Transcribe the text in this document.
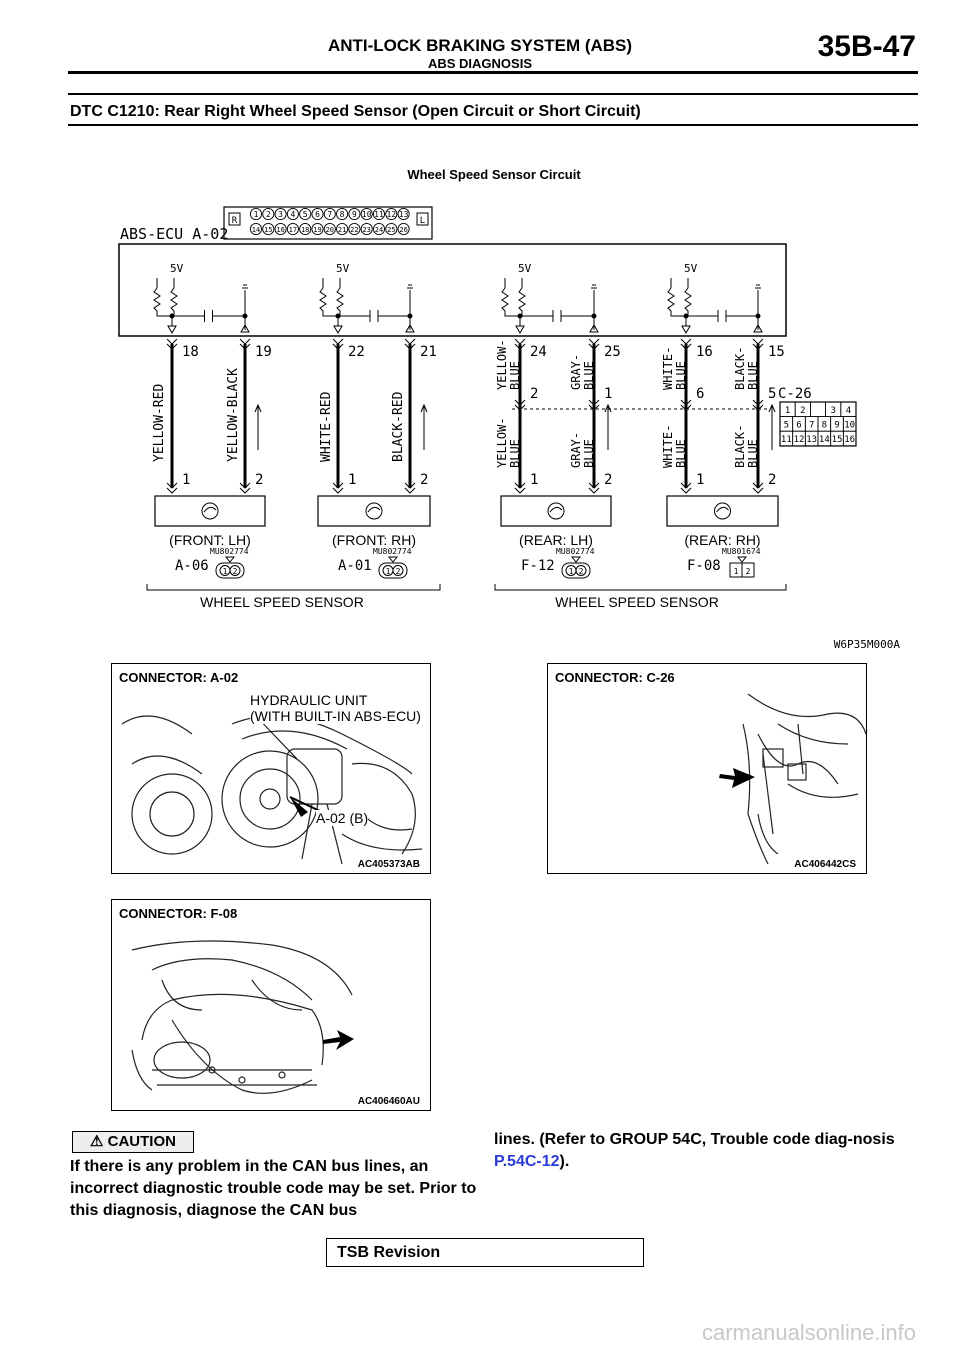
ANTI-LOCK BRAKING SYSTEM (ABS)
ABS DIAGNOSIS
35B-47
DTC C1210: Rear Right Wheel Speed Sensor (Open Circuit or Short Circuit)
Wheel Speed Sensor Circuit
ABS-ECU A-02
R	L
1 2 3 4 5 6 7 8 9 10 11 12 13
14 15 16 17 18 19 20 21 22 23 24 25 26
5V	5V	5V	5V
18
1
19
2
22
1
21
2
24
1
25
2
16
1
15
2
YELLOW-RED	YELLOW-BLACK	WHITE-RED	BLACK-RED	2	1	6	5
YELLOW- BLUE
YELLOW- BLUE
GRAY- BLUE
GRAY- BLUE
WHITE- BLUE
WHITE- BLUE
BLACK- BLUE
BLACK- BLUE
(FRONT: LH)
A-06
MU802774
1 2
(FRONT: RH)
A-01
MU802774
1 2
(REAR: LH)
F-12
MU802774
1 2
(REAR: RH)
F-08
MU801674
1 2
C-26
1 2	3 4
5 6 7 8 9 10
11 12 13 14 15 16
WHEEL SPEED SENSOR	WHEEL SPEED SENSOR
W6P35M000A
CONNECTOR: A-02
HYDRAULIC UNIT
(WITH BUILT-IN ABS-ECU)
A-02 (B)
AC405373AB
CONNECTOR: C-26
AC406442CS
CONNECTOR: F-08
AC406460AU
⚠ CAUTION
If there is any problem in the CAN bus lines, an incorrect diagnostic trouble code may be set. Prior to this diagnosis, diagnose the CAN bus
lines. (Refer to GROUP 54C, Trouble code diag-nosis P.54C-12).
TSB Revision
carmanualsonline.info
